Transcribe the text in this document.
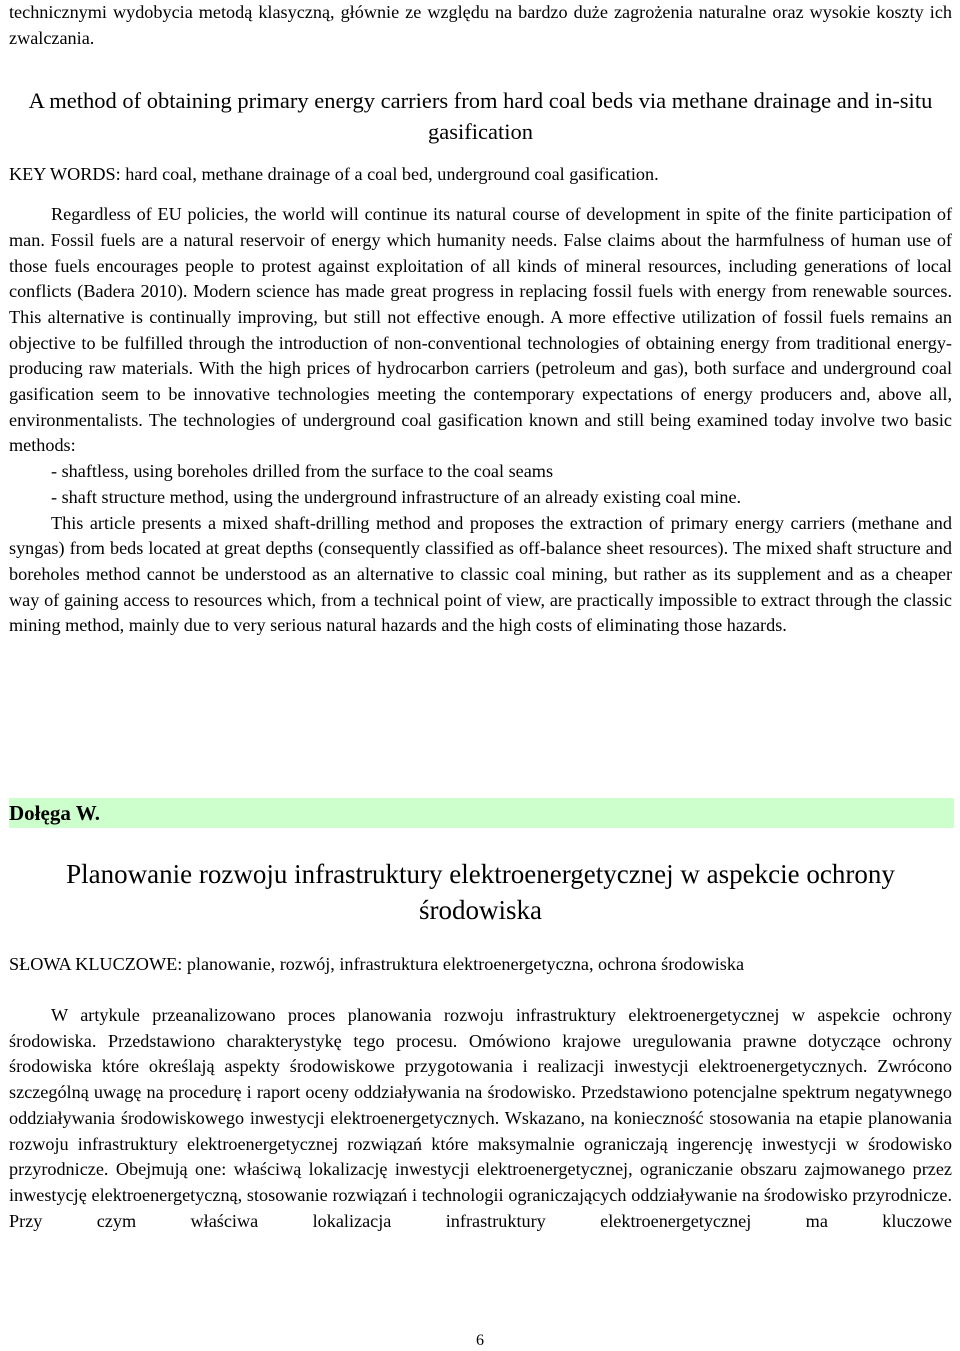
technicznymi wydobycia metodą klasyczną, głównie ze względu na bardzo duże zagrożenia naturalne oraz wysokie koszty ich zwalczania.

A method of obtaining primary energy carriers from hard coal beds via methane drainage and in-situ gasification

KEY WORDS: hard coal, methane drainage of a coal bed, underground coal gasification.

Regardless of EU policies, the world will continue its natural course of development in spite of the finite participation of man. Fossil fuels are a natural reservoir of energy which humanity needs. False claims about the harmfulness of human use of those fuels encourages people to protest against exploitation of all kinds of mineral resources, including generations of local conflicts (Badera 2010). Modern science has made great progress in replacing fossil fuels with energy from renewable sources. This alternative is continually improving, but still not effective enough. A more effective utilization of fossil fuels remains an objective to be fulfilled through the introduction of non-conventional technologies of obtaining energy from traditional energy-producing raw materials. With the high prices of hydrocarbon carriers (petroleum and gas), both surface and underground coal gasification seem to be innovative technologies meeting the contemporary expectations of energy producers and, above all, environmentalists. The technologies of underground coal gasification known and still being examined today involve two basic methods:

- shaftless, using boreholes drilled from the surface to the coal seams

- shaft structure method, using the underground infrastructure of an already existing coal mine.

This article presents a mixed shaft-drilling method and proposes the extraction of primary energy carriers (methane and syngas) from beds located at great depths (consequently classified as off-balance sheet resources). The mixed shaft structure and boreholes method cannot be understood as an alternative to classic coal mining, but rather as its supplement and as a cheaper way of gaining access to resources which, from a technical point of view, are practically impossible to extract through the classic mining method, mainly due to very serious natural hazards and the high costs of eliminating those hazards.

Dołęga W.
Planowanie rozwoju infrastruktury elektroenergetycznej w aspekcie ochrony środowiska

SŁOWA KLUCZOWE: planowanie, rozwój, infrastruktura elektroenergetyczna, ochrona środowiska

W artykule przeanalizowano proces planowania rozwoju infrastruktury elektroenergetycznej w aspekcie ochrony środowiska. Przedstawiono charakterystykę tego procesu. Omówiono krajowe uregulowania prawne dotyczące ochrony środowiska które określają aspekty środowiskowe przygotowania i realizacji inwestycji elektroenergetycznych. Zwrócono szczególną uwagę na procedurę i raport oceny oddziaływania na środowisko. Przedstawiono potencjalne spektrum negatywnego oddziaływania środowiskowego inwestycji elektroenergetycznych. Wskazano, na konieczność stosowania na etapie planowania rozwoju infrastruktury elektroenergetycznej rozwiązań które maksymalnie ograniczają ingerencję inwestycji w środowisko przyrodnicze. Obejmują one: właściwą lokalizację inwestycji elektroenergetycznej, ograniczanie obszaru zajmowanego przez inwestycję elektroenergetyczną, stosowanie rozwiązań i technologii ograniczających oddziaływanie na środowisko przyrodnicze. Przy czym właściwa lokalizacja infrastruktury elektroenergetycznej ma kluczowe

6
